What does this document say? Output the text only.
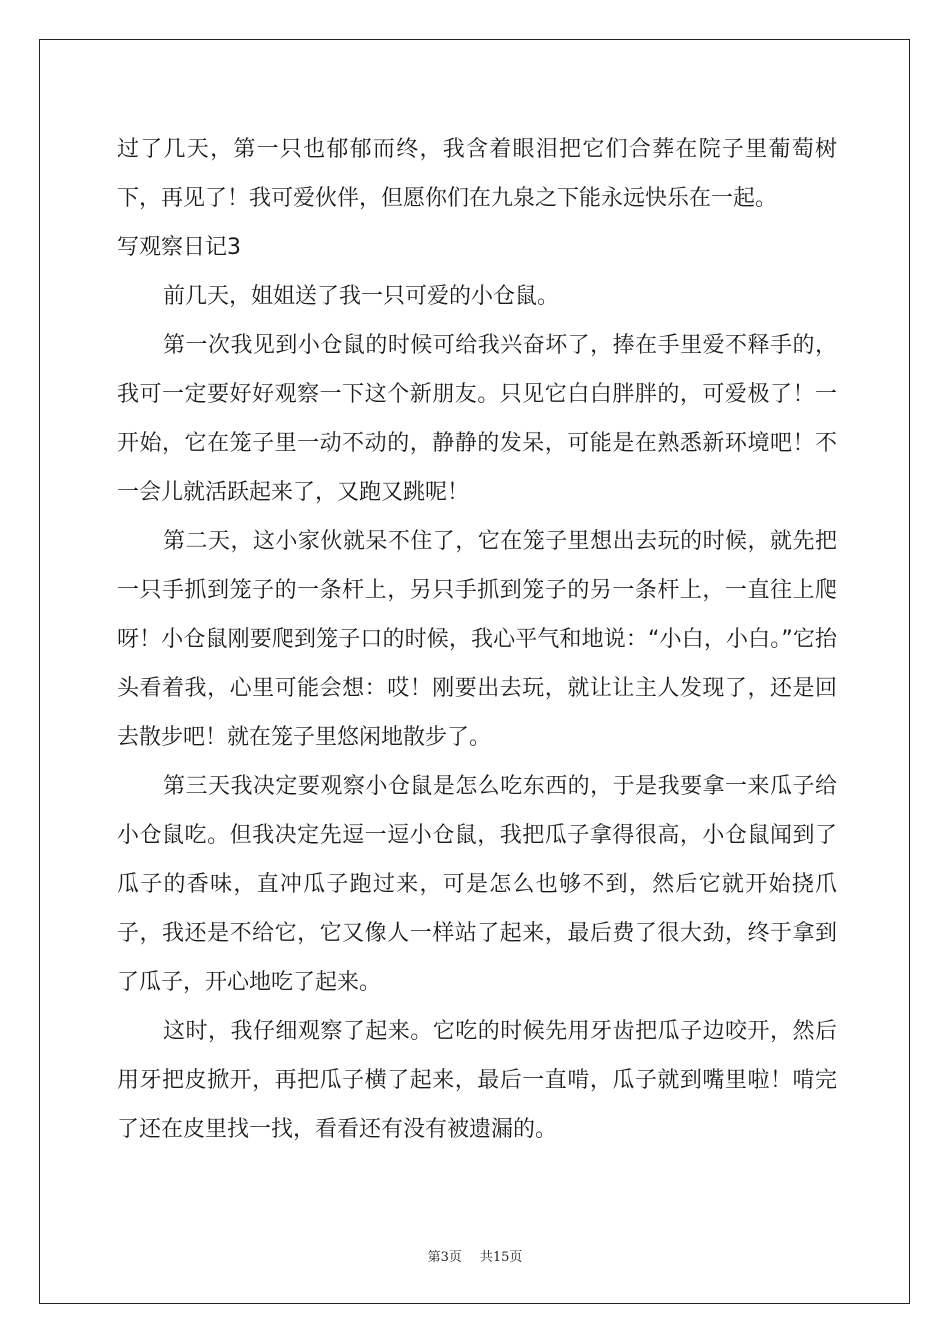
过了几天，第一只也郁郁而终，我含着眼泪把它们合葬在院子里葡萄树下，再见了！我可爱伙伴，但愿你们在九泉之下能永远快乐在一起。

写观察日记3

前几天，姐姐送了我一只可爱的小仓鼠。

第一次我见到小仓鼠的时候可给我兴奋坏了，捧在手里爱不释手的，我可一定要好好观察一下这个新朋友。只见它白白胖胖的，可爱极了！一开始，它在笼子里一动不动的，静静的发呆，可能是在熟悉新环境吧！不一会儿就活跃起来了，又跑又跳呢！

第二天，这小家伙就呆不住了，它在笼子里想出去玩的时候，就先把一只手抓到笼子的一条杆上，另只手抓到笼子的另一条杆上，一直往上爬呀！小仓鼠刚要爬到笼子口的时候，我心平气和地说：“小白，小白。”它抬头看着我，心里可能会想：哎！刚要出去玩，就让让主人发现了，还是回去散步吧！就在笼子里悠闲地散步了。

第三天我决定要观察小仓鼠是怎么吃东西的，于是我要拿一来瓜子给小仓鼠吃。但我决定先逗一逗小仓鼠，我把瓜子拿得很高，小仓鼠闻到了瓜子的香味，直冲瓜子跑过来，可是怎么也够不到，然后它就开始挠爪子，我还是不给它，它又像人一样站了起来，最后费了很大劲，终于拿到了瓜子，开心地吃了起来。

这时，我仔细观察了起来。它吃的时候先用牙齿把瓜子边咬开，然后用牙把皮掀开，再把瓜子横了起来，最后一直啃，瓜子就到嘴里啦！啃完了还在皮里找一找，看看还有没有被遗漏的。

第3页 共15页
